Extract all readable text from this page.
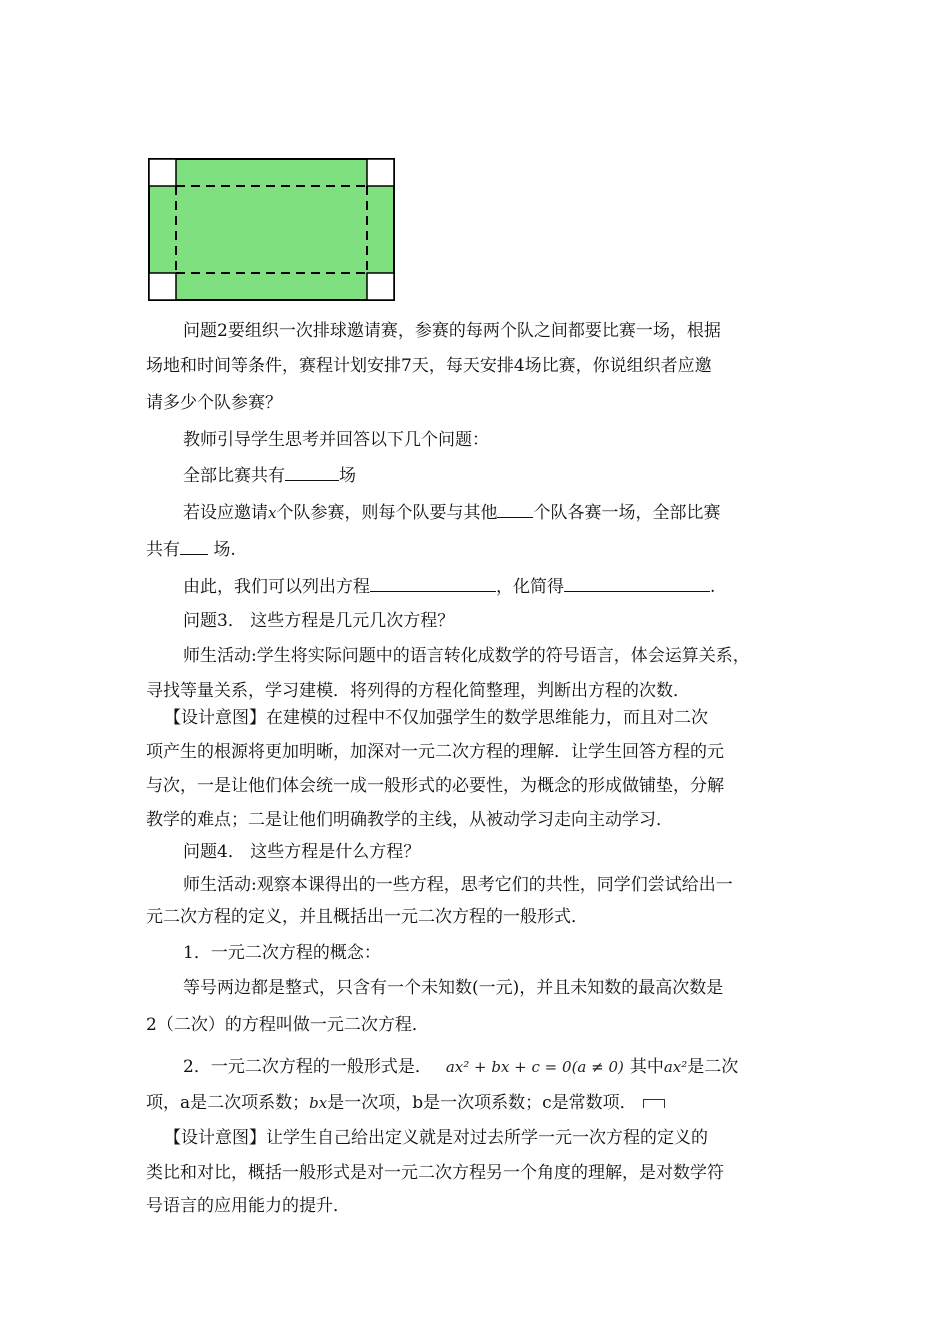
问题2要组织一次排球邀请赛，参赛的每两个队之间都要比赛一场，根据
场地和时间等条件，赛程计划安排7天，每天安排4场比赛，你说组织者应邀
请多少个队参赛？
教师引导学生思考并回答以下几个问题：
全部比赛共有	场
若设应邀请x个队参赛，则每个队要与其他 个队各赛一场，全部比赛
共有 场.
由此，我们可以列出方程	，化简得	.
问题3． 这些方程是几元几次方程？
师生活动:学生将实际问题中的语言转化成数学的符号语言，体会运算关系，
寻找等量关系，学习建模．将列得的方程化简整理，判断出方程的次数．
【设计意图】在建模的过程中不仅加强学生的数学思维能力，而且对二次
项产生的根源将更加明晰，加深对一元二次方程的理解．让学生回答方程的元
与次，一是让他们体会统一成一般形式的必要性，为概念的形成做铺垫，分解
教学的难点；二是让他们明确教学的主线，从被动学习走向主动学习．
问题4． 这些方程是什么方程？
师生活动:观察本课得出的一些方程，思考它们的共性，同学们尝试给出一
元二次方程的定义，并且概括出一元二次方程的一般形式．
1．一元二次方程的概念：
等号两边都是整式，只含有一个未知数(一元)，并且未知数的最高次数是
2（二次）的方程叫做一元二次方程．
2．一元二次方程的一般形式是． ax² + bx + c = 0(a ≠ 0) 其中ax²是二次
项，a是二次项系数；bx是一次项，b是一次项系数；c是常数项．
【设计意图】让学生自己给出定义就是对过去所学一元一次方程的定义的
类比和对比，概括一般形式是对一元二次方程另一个角度的理解，是对数学符
号语言的应用能力的提升．
